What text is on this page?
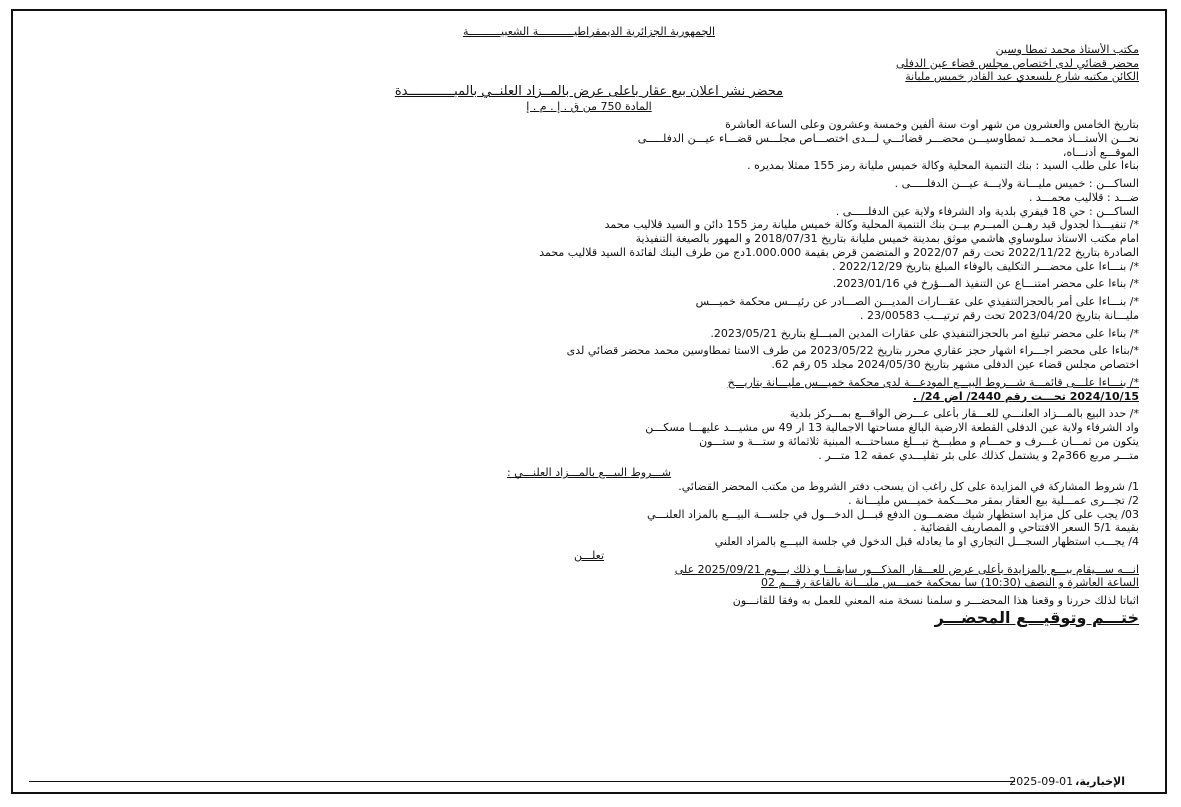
الجمهورية الجزائرية الديمقراطيـــــــــــة الشعبيــــــــــة

مكتب الأستاذ محمد تمطا وسين

محضر قضائي لدى اختصاص مجلس قضاء عين الدفلى

الكائن مكتبه شارع بلسعدي عبد القادر خميس مليانة

محضر نشر اعلان بيع عقار بأعلى عرض بالمــزاد العلنــي بالمبــــــــــــدة

المادة 750 من ق . إ . م . إ

بتاريخ الخامس والعشرون من شهر اوت سنة ألفين وخمسة وعشرون وعلى الساعة العاشرة

نحـــن الأستـــاذ محمـــد تمطاوسيـــن محضـــر قضائـــي لـــدى اختصـــاص مجلـــس قضـــاء عيـــن الدفلـــــى

الموقـــع أدنـــاه،

بناءا على طلب السيد : بنك التنمية المحلية وكالة خميس مليانة رمز 155 ممثلا بمديره .

الساكـــن : خميس مليـــانة ولايـــة عيـــن الدفلـــــى .

ضـــد : قلاليب محمـــد .

الساكـــن : حي 18 فيفري بلدية واد الشرفاء ولاية عين الدفلـــــى .

*/ تنفيـــذا لجدول قيد رهــن المبــرم بيــن بنك التنمية المحلية وكالة خميس مليانة رمز 155 دائن و السيد قلاليب محمد

امام مكتب الاستاذ سلوساوي هاشمي موثق بمدينة خميس مليانة بتاريخ 2018/07/31 و المهور بالصيغة التنفيذية

الصادرة بتاريخ 2022/11/22 تحت رقم 2022/07 و المتضمن قرض بقيمة 1.000.000دج من طرف البنك لفائدة السيد قلاليب محمد

*/ بنـــاءا على محضـــر التكليف بالوفاء المبلغ بتاريخ 2022/12/29 .

*/ بناءا على محضر امتنـــاع عن التنفيذ المـــؤرخ في 2023/01/16.

*/ بنـــاءا على أمر بالحجزالتنفيذي على عقـــارات المديـــن الصـــادر عن رئيـــس محكمة خميـــس

مليـــانة بتاريخ 2023/04/20 تحت رقم ترتيـــب 23/00583 .

*/ بناءا على محضر تبليغ امر بالحجزالتنفيذي على عقارات المدين المبـــلغ بتاريخ 2023/05/21.

*/بناءا على محضر اجـــراء اشهار حجز عقاري محرر بتاريخ 2023/05/22 من طرف الاستا تمطاوسين محمد محضر قضائي لدى

اختصاص مجلس قضاء عين الدفلى مشهر بتاريخ 2024/05/30 مجلد 05 رقم 62.

*/ بنـــاءا علـــى قائمـــة شـــروط البيـــع المودعـــة لدى محكمة خميـــس مليـــانة بتاريـــخ

2024/10/15 تحـــت رقم 2440/ اض 24/ .

*/ حدد البيع بالمـــزاد العلنـــي للعـــقار بأعلى عـــرض الواقـــع بمـــركز بلدية

واد الشرفاء ولاية عين الدفلى القطعة الارضية البالغ مساحتها الاجمالية 13 ار 49 س مشيـــد عليهـــا مسكـــن

يتكون من ثمـــان غـــرف و حمـــام و مطبـــخ تبـــلغ مساحتـــه المبنية ثلاثمائة و ستـــة و ستـــون

متـــر مربع 366م2 و يشتمل كذلك على بئر تقليـــدي عمقه 12 متـــر .

شـــروط البيـــع بالمـــزاد العلنـــي :

1/ شروط المشاركة في المزايدة على كل راغب ان يسحب دفتر الشروط من مكتب المحضر القضائي.

2/ تجـــرى عمـــلية بيع العقار بمقر محـــكمة خميـــس مليـــانة .

03/ يجب على كل مزايد استظهار شيك مضمـــون الدفع قبـــل الدخـــول في جلســـة البيـــع بالمزاد العلنـــي

بقيمة 5/1 السعر الافتتاحي و المصاريف القضائية .

4/ يجـــب استظهار السجـــل التجاري او ما يعادله قبل الدخول في جلسة البيـــع بالمزاد العلني

تعلـــن

انـــه ســـيقام بيـــع بالمزايدة بأعلى عرض للعـــقار المذكـــور سابقـــا و ذلك يـــوم 2025/09/21 على

الساعة العاشرة و النصف (10:30) سا بمحكمة خميـــس مليـــانة بالقاعة رقـــم 02

اثباتا لذلك حررنا و وقعنا هذا المحضـــر و سلمنا نسخة منه المعني للعمل به وفقا للقانـــون

ختـــم وتوقيـــع المحضـــر

الإخبارية،
2025-09-01
